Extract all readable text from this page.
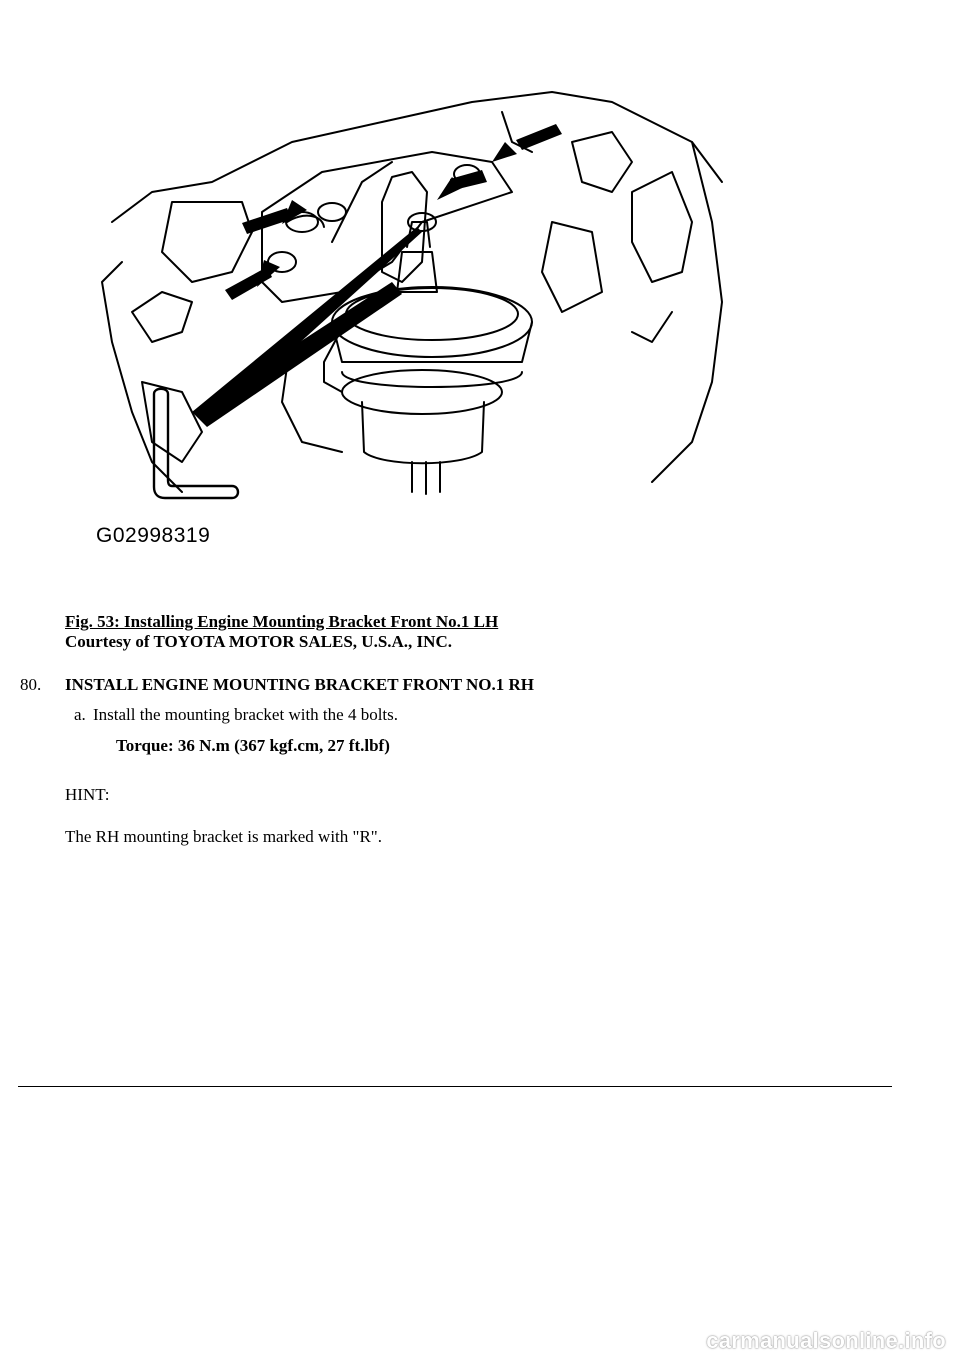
G02998319
Fig. 53: Installing Engine Mounting Bracket Front No.1 LH
Courtesy of TOYOTA MOTOR SALES, U.S.A., INC.
80. INSTALL ENGINE MOUNTING BRACKET FRONT NO.1 RH
a. Install the mounting bracket with the 4 bolts.
Torque: 36 N.m (367 kgf.cm, 27 ft.lbf)
HINT:
The RH mounting bracket is marked with "R".
carmanualsonline.info
